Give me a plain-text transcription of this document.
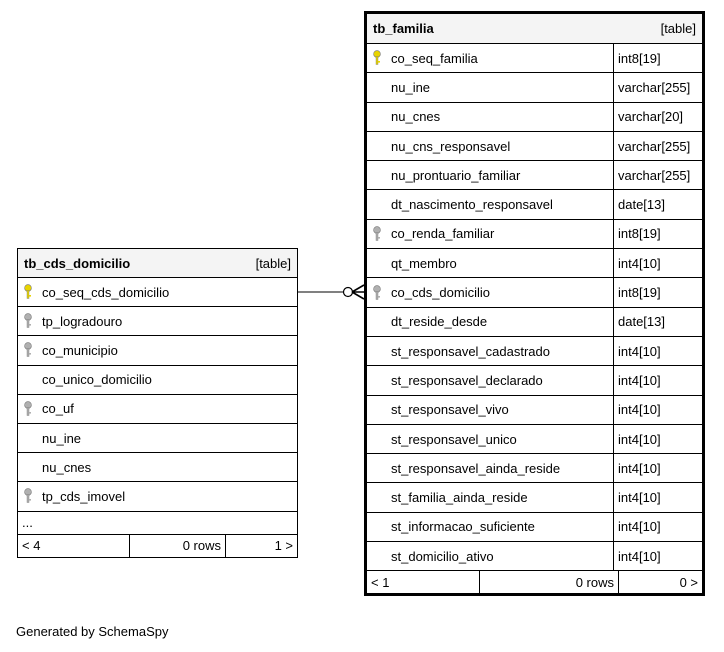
tb_cds_domicilio	[table]
co_seq_cds_domicilio
tp_logradouro
co_municipio
co_unico_domicilio
co_uf
nu_ine
nu_cnes
tp_cds_imovel
...
< 4	0 rows	1 >
tb_familia	[table]
co_seq_familia	int8[19]
nu_ine	varchar[255]
nu_cnes	varchar[20]
nu_cns_responsavel	varchar[255]
nu_prontuario_familiar	varchar[255]
dt_nascimento_responsavel	date[13]
co_renda_familiar	int8[19]
qt_membro	int4[10]
co_cds_domicilio	int8[19]
dt_reside_desde	date[13]
st_responsavel_cadastrado	int4[10]
st_responsavel_declarado	int4[10]
st_responsavel_vivo	int4[10]
st_responsavel_unico	int4[10]
st_responsavel_ainda_reside	int4[10]
st_familia_ainda_reside	int4[10]
st_informacao_suficiente	int4[10]
st_domicilio_ativo	int4[10]
< 1	0 rows	0 >
Generated by SchemaSpy
